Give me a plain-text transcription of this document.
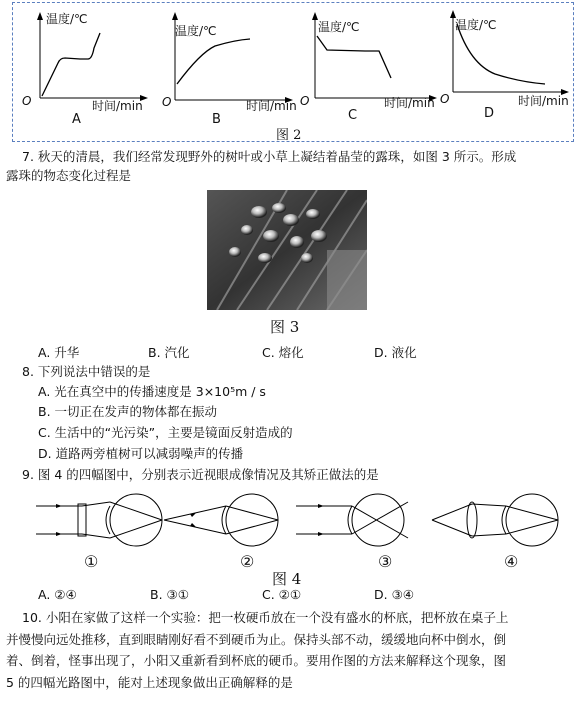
温度/℃
时间/min
O
A
温度/℃
时间/min
O
B
温度/℃
时间/min
O
C
温度/℃
时间/min
O
D
图 2
7. 秋天的清晨，我们经常发现野外的树叶或小草上凝结着晶莹的露珠，如图 3 所示。形成
露珠的物态变化过程是
图 3
A. 升华	B. 汽化	C. 熔化	D. 液化
8. 下列说法中错误的是
A. 光在真空中的传播速度是 3×10⁵m / s
B. 一切正在发声的物体都在振动
C. 生活中的“光污染”，主要是镜面反射造成的
D. 道路两旁植树可以减弱噪声的传播
9. 图 4 的四幅图中，分别表示近视眼成像情况及其矫正做法的是
①	②	③	④
图 4
A. ②④	B. ③①	C. ②①	D. ③④
10. 小阳在家做了这样一个实验：把一枚硬币放在一个没有盛水的杯底，把杯放在桌子上
并慢慢向远处推移，直到眼睛刚好看不到硬币为止。保持头部不动，缓缓地向杯中倒水，倒
着、倒着，怪事出现了，小阳又重新看到杯底的硬币。要用作图的方法来解释这个现象，图
5 的四幅光路图中，能对上述现象做出正确解释的是
